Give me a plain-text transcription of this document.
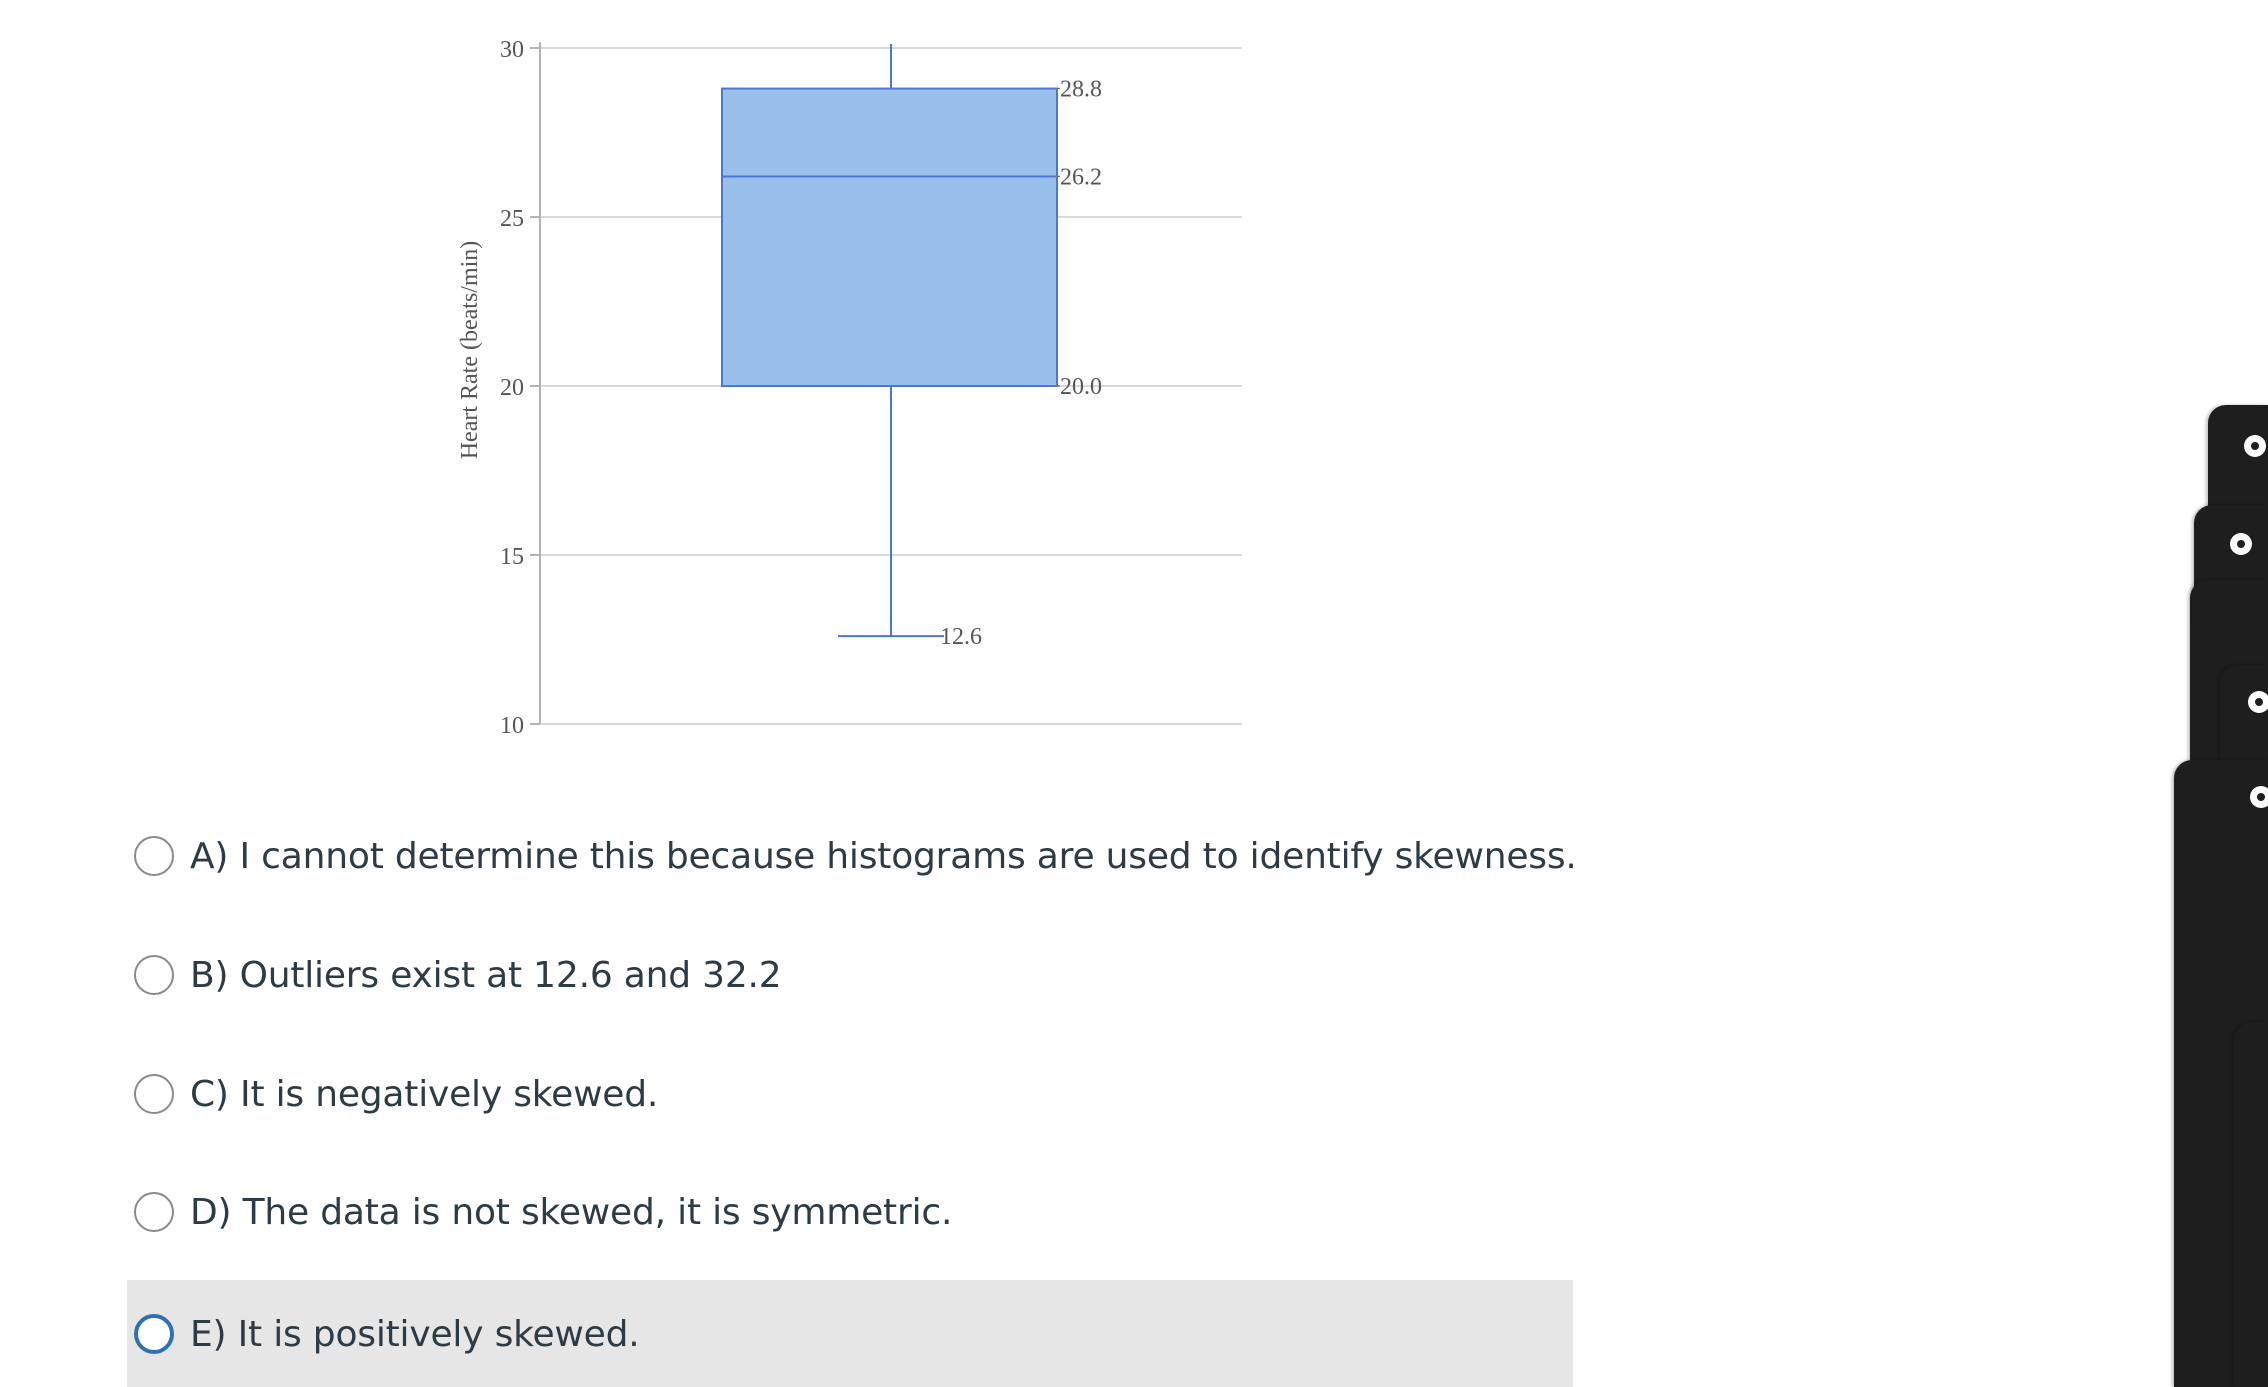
10
15
20
25
30
Heart Rate (beats/min)
28.8
26.2
20.0
12.6
A) I cannot determine this because histograms are used to identify skewness.
B) Outliers exist at 12.6 and 32.2
C) It is negatively skewed.
D) The data is not skewed, it is symmetric.
E) It is positively skewed.
